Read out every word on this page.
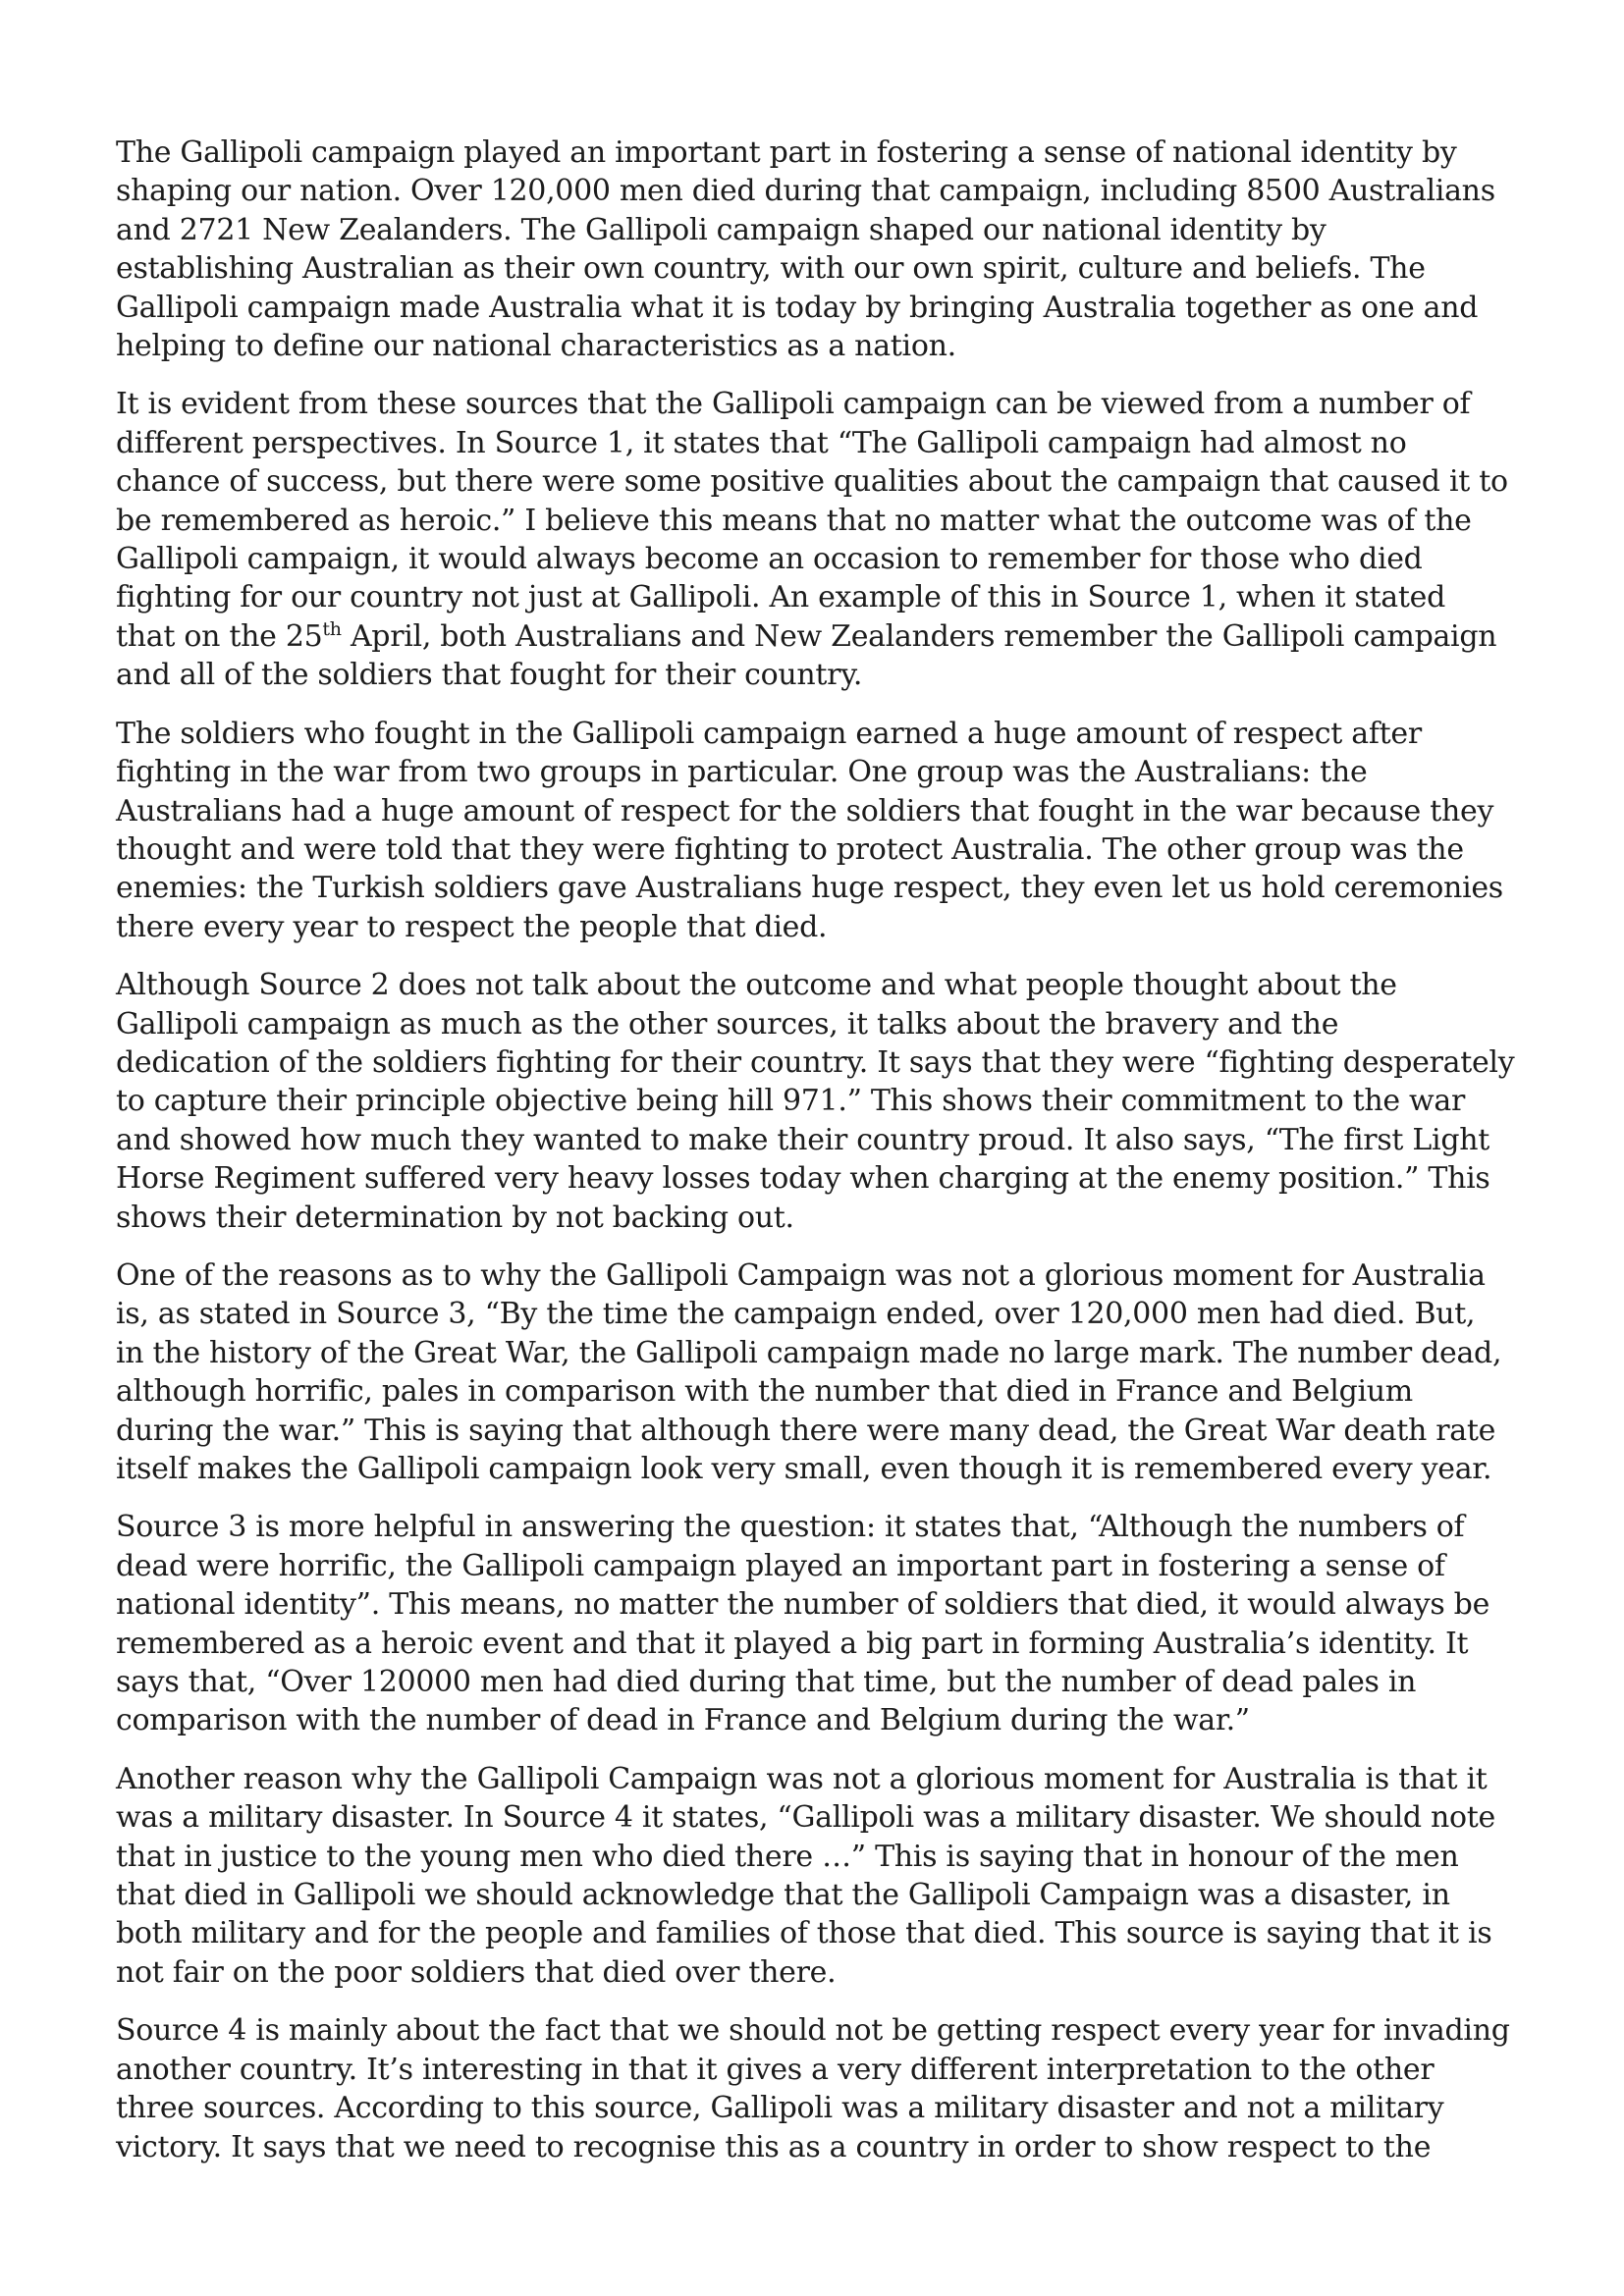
The Gallipoli campaign played an important part in fostering a sense of national identity by
shaping our nation. Over 120,000 men died during that campaign, including 8500 Australians
and 2721 New Zealanders. The Gallipoli campaign shaped our national identity by
establishing Australian as their own country, with our own spirit, culture and beliefs. The
Gallipoli campaign made Australia what it is today by bringing Australia together as one and
helping to define our national characteristics as a nation.
It is evident from these sources that the Gallipoli campaign can be viewed from a number of
different perspectives. In Source 1, it states that “The Gallipoli campaign had almost no
chance of success, but there were some positive qualities about the campaign that caused it to
be remembered as heroic.” I believe this means that no matter what the outcome was of the
Gallipoli campaign, it would always become an occasion to remember for those who died
fighting for our country not just at Gallipoli. An example of this in Source 1, when it stated
that on the 25th April, both Australians and New Zealanders remember the Gallipoli campaign
and all of the soldiers that fought for their country.
The soldiers who fought in the Gallipoli campaign earned a huge amount of respect after
fighting in the war from two groups in particular. One group was the Australians: the
Australians had a huge amount of respect for the soldiers that fought in the war because they
thought and were told that they were fighting to protect Australia. The other group was the
enemies: the Turkish soldiers gave Australians huge respect, they even let us hold ceremonies
there every year to respect the people that died.
Although Source 2 does not talk about the outcome and what people thought about the
Gallipoli campaign as much as the other sources, it talks about the bravery and the
dedication of the soldiers fighting for their country. It says that they were “fighting desperately
to capture their principle objective being hill 971.” This shows their commitment to the war
and showed how much they wanted to make their country proud. It also says, “The first Light
Horse Regiment suffered very heavy losses today when charging at the enemy position.” This
shows their determination by not backing out.
One of the reasons as to why the Gallipoli Campaign was not a glorious moment for Australia
is, as stated in Source 3, “By the time the campaign ended, over 120,000 men had died. But,
in the history of the Great War, the Gallipoli campaign made no large mark. The number dead,
although horrific, pales in comparison with the number that died in France and Belgium
during the war.” This is saying that although there were many dead, the Great War death rate
itself makes the Gallipoli campaign look very small, even though it is remembered every year.
Source 3 is more helpful in answering the question: it states that, “Although the numbers of
dead were horrific, the Gallipoli campaign played an important part in fostering a sense of
national identity”. This means, no matter the number of soldiers that died, it would always be
remembered as a heroic event and that it played a big part in forming Australia’s identity. It
says that, “Over 120000 men had died during that time, but the number of dead pales in
comparison with the number of dead in France and Belgium during the war.”
Another reason why the Gallipoli Campaign was not a glorious moment for Australia is that it
was a military disaster. In Source 4 it states, “Gallipoli was a military disaster. We should note
that in justice to the young men who died there …” This is saying that in honour of the men
that died in Gallipoli we should acknowledge that the Gallipoli Campaign was a disaster, in
both military and for the people and families of those that died. This source is saying that it is
not fair on the poor soldiers that died over there.
Source 4 is mainly about the fact that we should not be getting respect every year for invading
another country. It’s interesting in that it gives a very different interpretation to the other
three sources. According to this source, Gallipoli was a military disaster and not a military
victory. It says that we need to recognise this as a country in order to show respect to the
